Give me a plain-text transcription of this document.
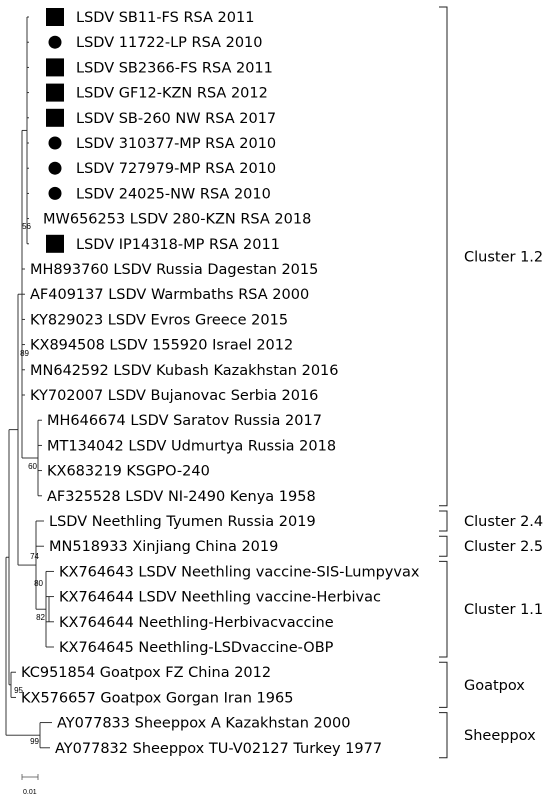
LSDV SB11-FS RSA 2011
LSDV 11722-LP RSA 2010
LSDV SB2366-FS RSA 2011
LSDV GF12-KZN RSA 2012
LSDV SB-260 NW RSA 2017
LSDV 310377-MP RSA 2010
LSDV 727979-MP RSA 2010
LSDV 24025-NW RSA 2010
MW656253 LSDV 280-KZN RSA 2018
LSDV IP14318-MP RSA 2011
MH893760 LSDV Russia Dagestan 2015
AF409137 LSDV Warmbaths RSA 2000
KY829023 LSDV Evros Greece 2015
KX894508 LSDV 155920 Israel 2012
MN642592 LSDV Kubash Kazakhstan 2016
KY702007 LSDV Bujanovac Serbia 2016
MH646674 LSDV Saratov Russia 2017
MT134042 LSDV Udmurtya Russia 2018
KX683219 KSGPO-240
AF325528 LSDV NI-2490 Kenya 1958
LSDV Neethling Tyumen Russia 2019
MN518933 Xinjiang China 2019
KX764643 LSDV Neethling vaccine-SIS-Lumpyvax
KX764644 LSDV Neethling vaccine-Herbivac
KX764644 Neethling-Herbivacvaccine
KX764645 Neethling-LSDvaccine-OBP
KC951854 Goatpox FZ China 2012
KX576657 Goatpox Gorgan Iran 1965
AY077833 Sheeppox A Kazakhstan 2000
AY077832 Sheeppox TU-V02127 Turkey 1977
56
89
60
74
80
82
95
99
Cluster 1.2
Cluster 2.4
Cluster 2.5
Cluster 1.1
Goatpox
Sheeppox
0.01
